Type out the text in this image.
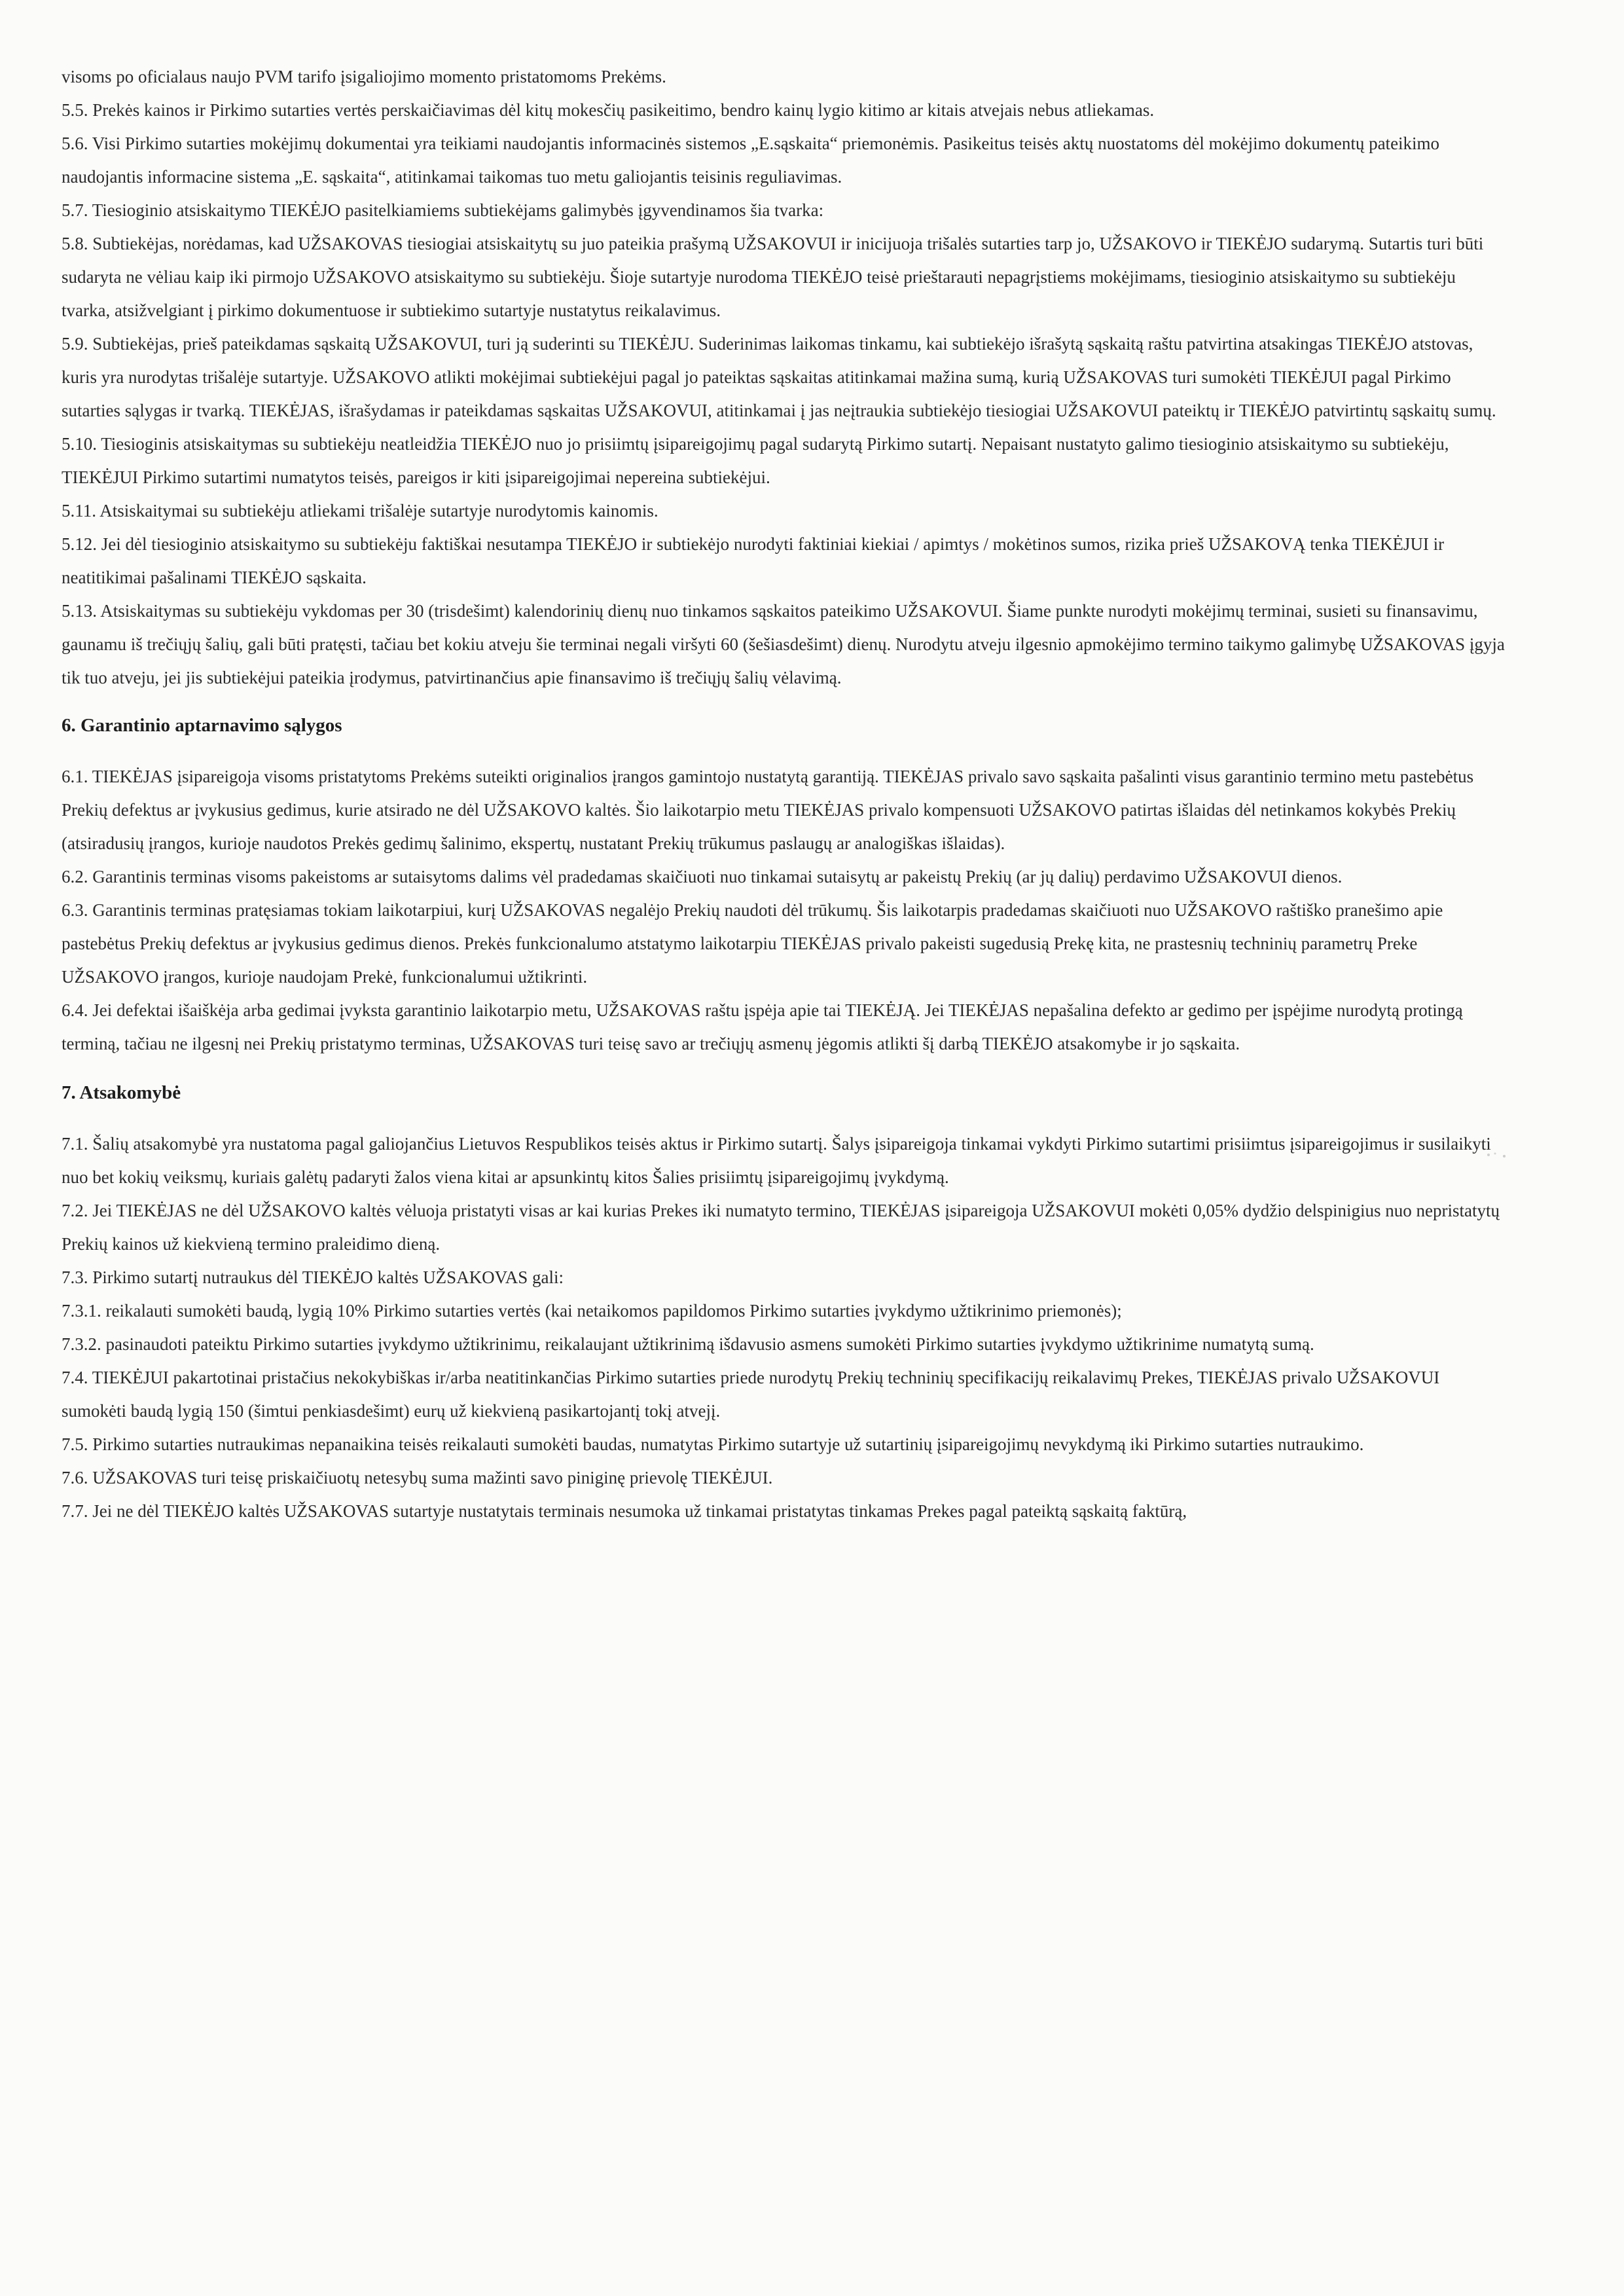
visoms po oficialaus naujo PVM tarifo įsigaliojimo momento pristatomoms Prekėms.

5.5. Prekės kainos ir Pirkimo sutarties vertės perskaičiavimas dėl kitų mokesčių pasikeitimo, bendro kainų lygio kitimo ar kitais atvejais nebus atliekamas.

5.6. Visi Pirkimo sutarties mokėjimų dokumentai yra teikiami naudojantis informacinės sistemos „E.sąskaita“ priemonėmis. Pasikeitus teisės aktų nuostatoms dėl mokėjimo dokumentų pateikimo naudojantis informacine sistema „E. sąskaita“, atitinkamai taikomas tuo metu galiojantis teisinis reguliavimas.

5.7. Tiesioginio atsiskaitymo TIEKĖJO pasitelkiamiems subtiekėjams galimybės įgyvendinamos šia tvarka:

5.8. Subtiekėjas, norėdamas, kad UŽSAKOVAS tiesiogiai atsiskaitytų su juo pateikia prašymą UŽSAKOVUI ir inicijuoja trišalės sutarties tarp jo, UŽSAKOVO ir TIEKĖJO sudarymą. Sutartis turi būti sudaryta ne vėliau kaip iki pirmojo UŽSAKOVO atsiskaitymo su subtiekėju. Šioje sutartyje nurodoma TIEKĖJO teisė prieštarauti nepagrįstiems mokėjimams, tiesioginio atsiskaitymo su subtiekėju tvarka, atsižvelgiant į pirkimo dokumentuose ir subtiekimo sutartyje nustatytus reikalavimus.

5.9. Subtiekėjas, prieš pateikdamas sąskaitą UŽSAKOVUI, turi ją suderinti su TIEKĖJU. Suderinimas laikomas tinkamu, kai subtiekėjo išrašytą sąskaitą raštu patvirtina atsakingas TIEKĖJO atstovas, kuris yra nurodytas trišalėje sutartyje. UŽSAKOVO atlikti mokėjimai subtiekėjui pagal jo pateiktas sąskaitas atitinkamai mažina sumą, kurią UŽSAKOVAS turi sumokėti TIEKĖJUI pagal Pirkimo sutarties sąlygas ir tvarką. TIEKĖJAS, išrašydamas ir pateikdamas sąskaitas UŽSAKOVUI, atitinkamai į jas neįtraukia subtiekėjo tiesiogiai UŽSAKOVUI pateiktų ir TIEKĖJO patvirtintų sąskaitų sumų.

5.10. Tiesioginis atsiskaitymas su subtiekėju neatleidžia TIEKĖJO nuo jo prisiimtų įsipareigojimų pagal sudarytą Pirkimo sutartį. Nepaisant nustatyto galimo tiesioginio atsiskaitymo su subtiekėju, TIEKĖJUI Pirkimo sutartimi numatytos teisės, pareigos ir kiti įsipareigojimai nepereina subtiekėjui.

5.11. Atsiskaitymai su subtiekėju atliekami trišalėje sutartyje nurodytomis kainomis.

5.12. Jei dėl tiesioginio atsiskaitymo su subtiekėju faktiškai nesutampa TIEKĖJO ir subtiekėjo nurodyti faktiniai kiekiai / apimtys / mokėtinos sumos, rizika prieš UŽSAKOVĄ tenka TIEKĖJUI ir neatitikimai pašalinami TIEKĖJO sąskaita.

5.13. Atsiskaitymas su subtiekėju vykdomas per 30 (trisdešimt) kalendorinių dienų nuo tinkamos sąskaitos pateikimo UŽSAKOVUI. Šiame punkte nurodyti mokėjimų terminai, susieti su finansavimu, gaunamu iš trečiųjų šalių, gali būti pratęsti, tačiau bet kokiu atveju šie terminai negali viršyti 60 (šešiasdešimt) dienų. Nurodytu atveju ilgesnio apmokėjimo termino taikymo galimybę UŽSAKOVAS įgyja tik tuo atveju, jei jis subtiekėjui pateikia įrodymus, patvirtinančius apie finansavimo iš trečiųjų šalių vėlavimą.

6. Garantinio aptarnavimo sąlygos

6.1. TIEKĖJAS įsipareigoja visoms pristatytoms Prekėms suteikti originalios įrangos gamintojo nustatytą garantiją. TIEKĖJAS privalo savo sąskaita pašalinti visus garantinio termino metu pastebėtus Prekių defektus ar įvykusius gedimus, kurie atsirado ne dėl UŽSAKOVO kaltės. Šio laikotarpio metu TIEKĖJAS privalo kompensuoti UŽSAKOVO patirtas išlaidas dėl netinkamos kokybės Prekių (atsiradusių įrangos, kurioje naudotos Prekės gedimų šalinimo, ekspertų, nustatant Prekių trūkumus paslaugų ar analogiškas išlaidas).

6.2. Garantinis terminas visoms pakeistoms ar sutaisytoms dalims vėl pradedamas skaičiuoti nuo tinkamai sutaisytų ar pakeistų Prekių (ar jų dalių) perdavimo UŽSAKOVUI dienos.

6.3. Garantinis terminas pratęsiamas tokiam laikotarpiui, kurį UŽSAKOVAS negalėjo Prekių naudoti dėl trūkumų. Šis laikotarpis pradedamas skaičiuoti nuo UŽSAKOVO raštiško pranešimo apie pastebėtus Prekių defektus ar įvykusius gedimus dienos. Prekės funkcionalumo atstatymo laikotarpiu TIEKĖJAS privalo pakeisti sugedusią Prekę kita, ne prastesnių techninių parametrų Preke UŽSAKOVO įrangos, kurioje naudojam Prekė, funkcionalumui užtikrinti.

6.4. Jei defektai išaiškėja arba gedimai įvyksta garantinio laikotarpio metu, UŽSAKOVAS raštu įspėja apie tai TIEKĖJĄ. Jei TIEKĖJAS nepašalina defekto ar gedimo per įspėjime nurodytą protingą terminą, tačiau ne ilgesnį nei Prekių pristatymo terminas, UŽSAKOVAS turi teisę savo ar trečiųjų asmenų jėgomis atlikti šį darbą TIEKĖJO atsakomybe ir jo sąskaita.

7. Atsakomybė

7.1. Šalių atsakomybė yra nustatoma pagal galiojančius Lietuvos Respublikos teisės aktus ir Pirkimo sutartį. Šalys įsipareigoja tinkamai vykdyti Pirkimo sutartimi prisiimtus įsipareigojimus ir susilaikyti nuo bet kokių veiksmų, kuriais galėtų padaryti žalos viena kitai ar apsunkintų kitos Šalies prisiimtų įsipareigojimų įvykdymą.

7.2. Jei TIEKĖJAS ne dėl UŽSAKOVO kaltės vėluoja pristatyti visas ar kai kurias Prekes iki numatyto termino, TIEKĖJAS įsipareigoja UŽSAKOVUI mokėti 0,05% dydžio delspinigius nuo nepristatytų Prekių kainos už kiekvieną termino praleidimo dieną.

7.3. Pirkimo sutartį nutraukus dėl TIEKĖJO kaltės UŽSAKOVAS gali:

7.3.1. reikalauti sumokėti baudą, lygią 10% Pirkimo sutarties vertės (kai netaikomos papildomos Pirkimo sutarties įvykdymo užtikrinimo priemonės);

7.3.2. pasinaudoti pateiktu Pirkimo sutarties įvykdymo užtikrinimu, reikalaujant užtikrinimą išdavusio asmens sumokėti Pirkimo sutarties įvykdymo užtikrinime numatytą sumą.

7.4. TIEKĖJUI pakartotinai pristačius nekokybiškas ir/arba neatitinkančias Pirkimo sutarties priede nurodytų Prekių techninių specifikacijų reikalavimų Prekes, TIEKĖJAS privalo UŽSAKOVUI sumokėti baudą lygią 150 (šimtui penkiasdešimt) eurų už kiekvieną pasikartojantį tokį atvejį.

7.5. Pirkimo sutarties nutraukimas nepanaikina teisės reikalauti sumokėti baudas, numatytas Pirkimo sutartyje už sutartinių įsipareigojimų nevykdymą iki Pirkimo sutarties nutraukimo.

7.6. UŽSAKOVAS turi teisę priskaičiuotų netesybų suma mažinti savo piniginę prievolę TIEKĖJUI.

7.7. Jei ne dėl TIEKĖJO kaltės UŽSAKOVAS sutartyje nustatytais terminais nesumoka už tinkamai pristatytas tinkamas Prekes pagal pateiktą sąskaitą faktūrą,
